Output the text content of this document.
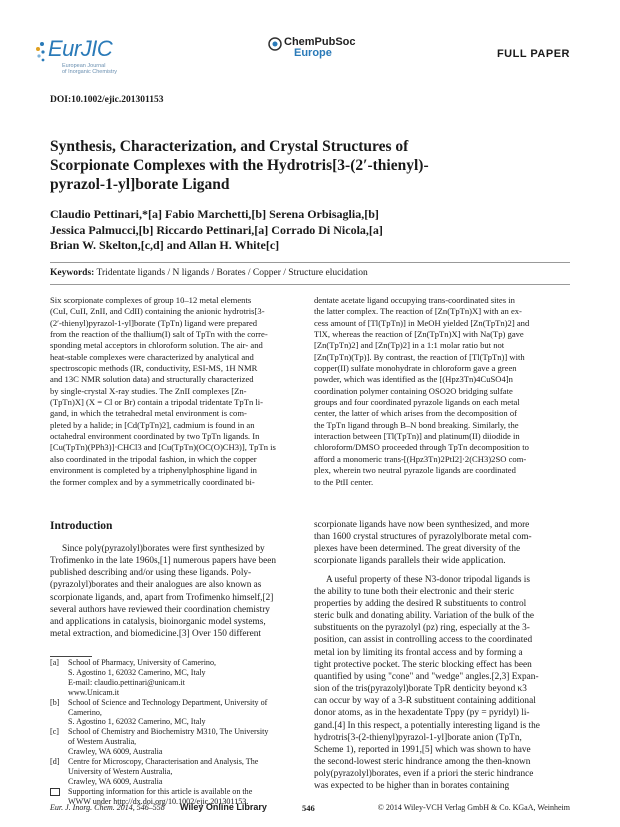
EurJIC
European Journal
of Inorganic Chemistry
ChemPubSoc
Europe	FULL PAPER
DOI:10.1002/ejic.201301153
Synthesis, Characterization, and Crystal Structures of
Scorpionate Complexes with the Hydrotris[3-(2′-thienyl)-
pyrazol-1-yl]borate Ligand
Claudio Pettinari,*[a] Fabio Marchetti,[b] Serena Orbisaglia,[b]
Jessica Palmucci,[b] Riccardo Pettinari,[a] Corrado Di Nicola,[a]
Brian W. Skelton,[c,d] and Allan H. White[c]
Keywords: Tridentate ligands / N ligands / Borates / Copper / Structure elucidation
Six scorpionate complexes of group 10–12 metal elements
(CuI, CuII, ZnII, and CdII) containing the anionic hydrotris[3-
(2′-thienyl)pyrazol-1-yl]borate (TpTn) ligand were prepared
from the reaction of the thallium(I) salt of TpTn with the corre-
sponding metal acceptors in chloroform solution. The air- and
heat-stable complexes were characterized by analytical and
spectroscopic methods (IR, conductivity, ESI-MS, 1H NMR
and 13C NMR solution data) and structurally characterized
by single-crystal X-ray studies. The ZnII complexes [Zn-
(TpTn)X] (X = Cl or Br) contain a tripodal tridentate TpTn li-
gand, in which the tetrahedral metal environment is com-
pleted by a halide; in [Cd(TpTn)2], cadmium is found in an
octahedral environment coordinated by two TpTn ligands. In
[Cu(TpTn)(PPh3)]·CHCl3 and [Cu(TpTn)(OC(O)CH3)], TpTn is
also coordinated in the tripodal fashion, in which the copper
environment is completed by a triphenylphosphine ligand in
the former complex and by a symmetrically coordinated bi-
dentate acetate ligand occupying trans-coordinated sites in
the latter complex. The reaction of [Zn(TpTn)X] with an ex-
cess amount of [Tl(TpTn)] in MeOH yielded [Zn(TpTn)2] and
TlX, whereas the reaction of [Zn(TpTn)X] with Na(Tp) gave
[Zn(TpTn)2] and [Zn(Tp)2] in a 1:1 molar ratio but not
[Zn(TpTn)(Tp)]. By contrast, the reaction of [Tl(TpTn)] with
copper(II) sulfate monohydrate in chloroform gave a green
powder, which was identified as the [(Hpz3Tn)4CuSO4]n
coordination polymer containing OSO2O bridging sulfate
groups and four coordinated pyrazole ligands on each metal
center, the latter of which arises from the decomposition of
the TpTn ligand through B–N bond breaking. Similarly, the
interaction between [Tl(TpTn)] and platinum(II) diiodide in
chloroform/DMSO proceeded through TpTn decomposition to
afford a monomeric trans-[(Hpz3Tn)2PtI2]·2(CH3)2SO com-
plex, wherein two neutral pyrazole ligands are coordinated
to the PtII center.
Introduction
Since poly(pyrazolyl)borates were first synthesized by
Trofimenko in the late 1960s,[1] numerous papers have been
published describing and/or using these ligands. Poly-
(pyrazolyl)borates and their analogues are also known as
scorpionate ligands, and, apart from Trofimenko himself,[2]
several authors have reviewed their coordination chemistry
and applications in catalysis, bioinorganic model systems,
metal extraction, and biomedicine.[3] Over 150 different
scorpionate ligands have now been synthesized, and more
than 1600 crystal structures of pyrazolylborate metal com-
plexes have been determined. The great diversity of the
scorpionate ligands parallels their wide application.
A useful property of these N3-donor tripodal ligands is
the ability to tune both their electronic and their steric
properties by adding the desired R substituents to control
steric bulk and donating ability. Variation of the bulk of the
substituents on the pyrazolyl (pz) ring, especially at the 3-
position, can assist in controlling access to the coordinated
metal ion by limiting its frontal access and by forming a
tight protective pocket. The steric blocking effect has been
quantified by using "cone" and "wedge" angles.[2,3] Expan-
sion of the tris(pyrazolyl)borate TpR denticity beyond κ3
can occur by way of a 3-R substituent containing additional
donor atoms, as in the hexadentate Tppy (py = pyridyl) li-
gand.[4] In this respect, a potentially interesting ligand is the
hydrotris[3-(2-thienyl)pyrazol-1-yl]borate anion (TpTn,
Scheme 1), reported in 1991,[5] which was shown to have
the second-lowest steric hindrance among the then-known
poly(pyrazolyl)borates, even if a priori the steric hindrance
was expected to be higher than in borates containing
[a] School of Pharmacy, University of Camerino,
S. Agostino 1, 62032 Camerino, MC, Italy
E-mail: claudio.pettinari@unicam.it
www.Unicam.it
[b] School of Science and Technology Department, University of
Camerino,
S. Agostino 1, 62032 Camerino, MC, Italy
[c] School of Chemistry and Biochemistry M310, The University
of Western Australia,
Crawley, WA 6009, Australia
[d] Centre for Microscopy, Characterisation and Analysis, The
University of Western Australia,
Crawley, WA 6009, Australia
Supporting information for this article is available on the
WWW under http://dx.doi.org/10.1002/ejic.201301153.
Eur. J. Inorg. Chem. 2014, 546–558 Wiley Online Library	546	© 2014 Wiley-VCH Verlag GmbH & Co. KGaA, Weinheim
